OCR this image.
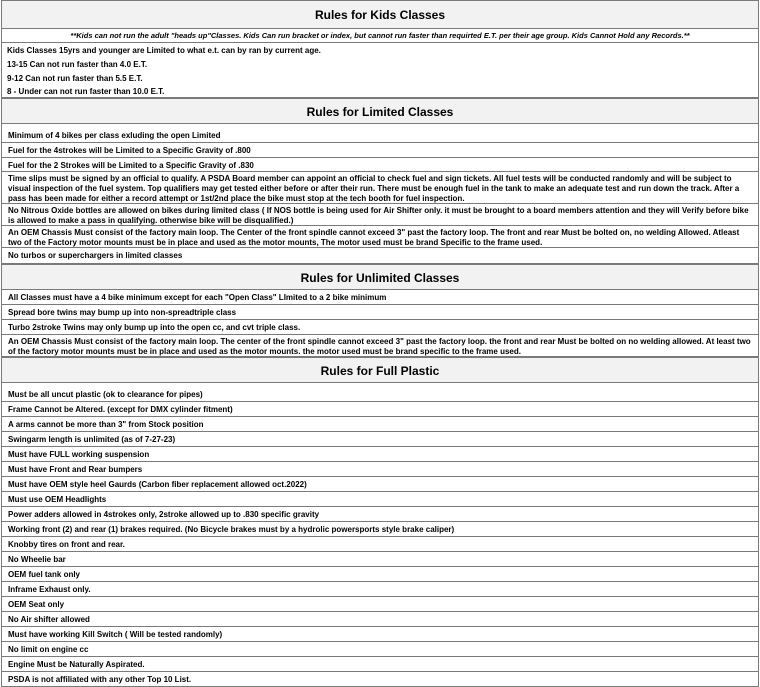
Rules for Kids Classes
**Kids can not run the adult "heads up"Classes. Kids Can run bracket or index, but cannot run faster than requirted E.T. per their age group. Kids Cannot Hold any Records.**
Kids Classes 15yrs and younger are Limited to what e.t. can by ran by current age.
13-15 Can not run faster than 4.0 E.T.
9-12 Can not run faster than 5.5 E.T.
8 - Under can not run faster than 10.0 E.T.
Rules for Limited Classes
Minimum of 4 bikes per class exluding the open Limited
Fuel for the 4strokes will be Limited to a Specific Gravity of .800
Fuel for the 2 Strokes will be Limited to a Specific Gravity of .830
Time slips must be signed by an official to qualify. A PSDA Board member can appoint an official to check fuel and sign tickets. All fuel tests will be conducted randomly and will be subject to visual inspection of the fuel system. Top qualifiers may get tested either before or after their run. There must be enough fuel in the tank to make an adequate test and run down the track. After a pass has been made for either a record attempt or 1st/2nd place the bike must stop at the tech booth for fuel inspection.
No Nitrous Oxide bottles are allowed on bikes during limited class ( If NOS bottle is being used for Air Shifter only. it must be brought to a board members attention and they will Verify before bike is allowed to make a pass in qualifying. otherwise bike will be disqualified.)
An OEM Chassis Must consist of the factory main loop. The Center of the front spindle cannot exceed 3" past the factory loop. The front and rear Must be bolted on, no welding Allowed. Atleast two of the Factory motor mounts must be in place and used as the motor mounts, The motor used must be brand Specific to the frame used.
No turbos or superchargers in limited classes
Rules for Unlimited Classes
All Classes must have a 4 bike minimum except for each "Open Class" LImited to a 2 bike minimum
Spread bore twins may bump up into non-spreadtriple class
Turbo 2stroke Twins may only bump up into the open cc, and cvt triple class.
An OEM Chassis Must consist of the factory main loop. The center of the front spindle cannot exceed 3" past the factory loop. the front and rear Must be bolted on no welding allowed. At least two of the factory motor mounts must be in place and used as the motor mounts. the motor used must be brand specific to the frame used.
Rules for Full Plastic
Must be all uncut plastic (ok to clearance for pipes)
Frame Cannot be Altered. (except for DMX cylinder fitment)
A arms cannot be more than 3" from Stock position
Swingarm length is unlimited (as of 7-27-23)
Must have FULL working suspension
Must have Front and Rear bumpers
Must have OEM style heel Gaurds (Carbon fiber replacement allowed oct.2022)
Must use OEM Headlights
Power adders allowed in 4strokes only, 2stroke allowed up to .830 specific gravity
Working front (2) and rear (1) brakes required. (No Bicycle brakes must by a hydrolic powersports style brake caliper)
Knobby tires on front and rear.
No Wheelie bar
OEM fuel tank only
Inframe Exhaust only.
OEM Seat only
No Air shifter allowed
Must have working Kill Switch ( Will be tested randomly)
No limit on engine cc
Engine Must be Naturally Aspirated.
PSDA is not affiliated with any other Top 10 List.
